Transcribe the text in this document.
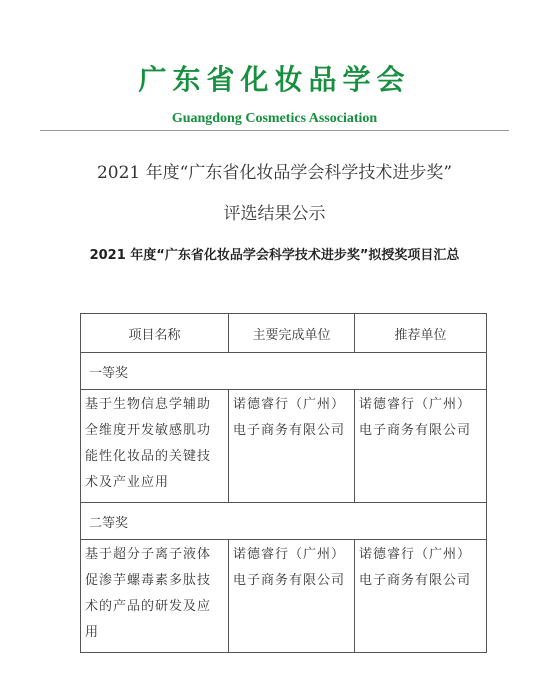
广东省化妆品学会
Guangdong Cosmetics Association
2021 年度“广东省化妆品学会科学技术进步奖”
评选结果公示
2021 年度“广东省化妆品学会科学技术进步奖”拟授奖项目汇总
项目名称	主要完成单位	推荐单位
一等奖		
基于生物信息学辅助全维度开发敏感肌功能性化妆品的关键技术及产业应用	诺德睿行（广州）电子商务有限公司	诺德睿行（广州）电子商务有限公司
二等奖		
基于超分子离子液体促渗芋螺毒素多肽技术的产品的研发及应用	诺德睿行（广州）电子商务有限公司	诺德睿行（广州）电子商务有限公司
